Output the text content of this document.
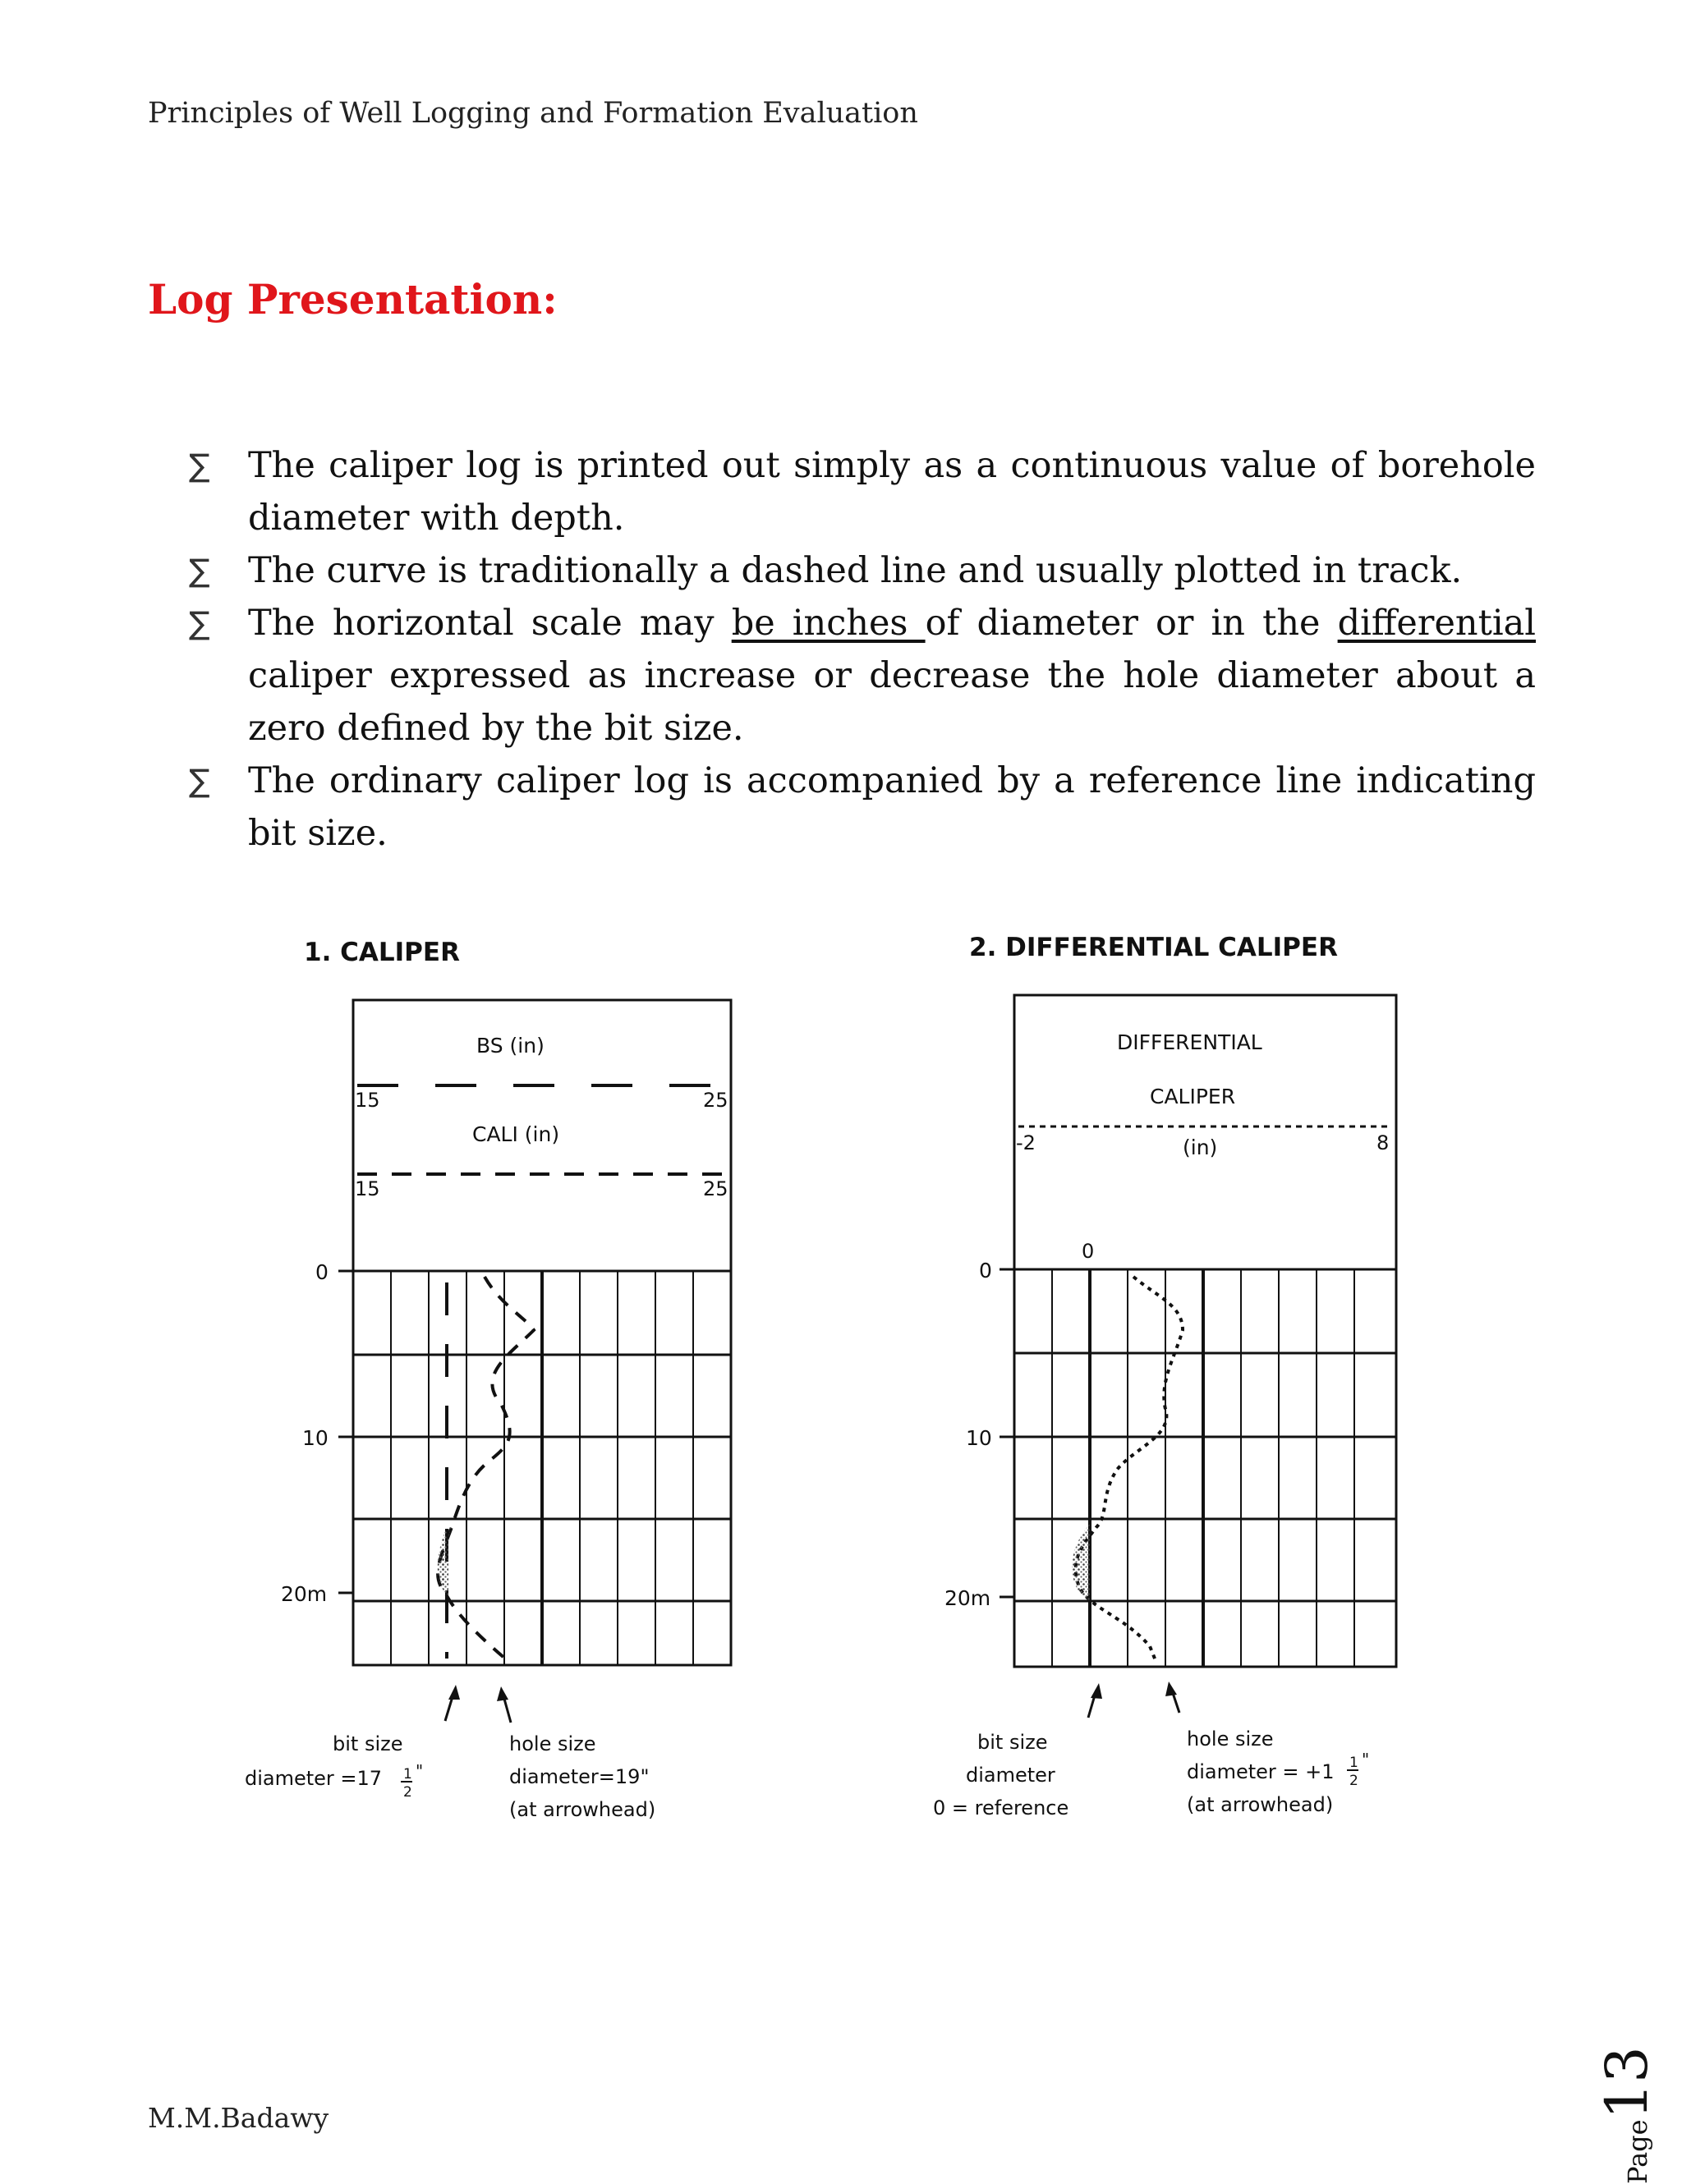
Principles of Well Logging and Formation Evaluation
Log Presentation:
∑ The caliper log is printed out simply as a continuous value of borehole diameter with depth.
∑ The curve is traditionally a dashed line and usually plotted in track.
∑ The horizontal scale may be inches of diameter or in the differential caliper expressed as increase or decrease the hole diameter about a zero defined by the bit size.
∑ The ordinary caliper log is accompanied by a reference line indicating bit size.
1. CALIPER
BS (in)
15	25
CALI (in)
15	25
0
10
20m
bit size
diameter =17 1
2
"
hole size
diameter=19"
(at arrowhead)
2. DIFFERENTIAL CALIPER
DIFFERENTIAL
CALIPER
-2	(in)	8
0
0
10
20m
bit size
diameter
0 = reference
hole size
diameter = +1 1
2
"
(at arrowhead)
M.M.Badawy
Page13
